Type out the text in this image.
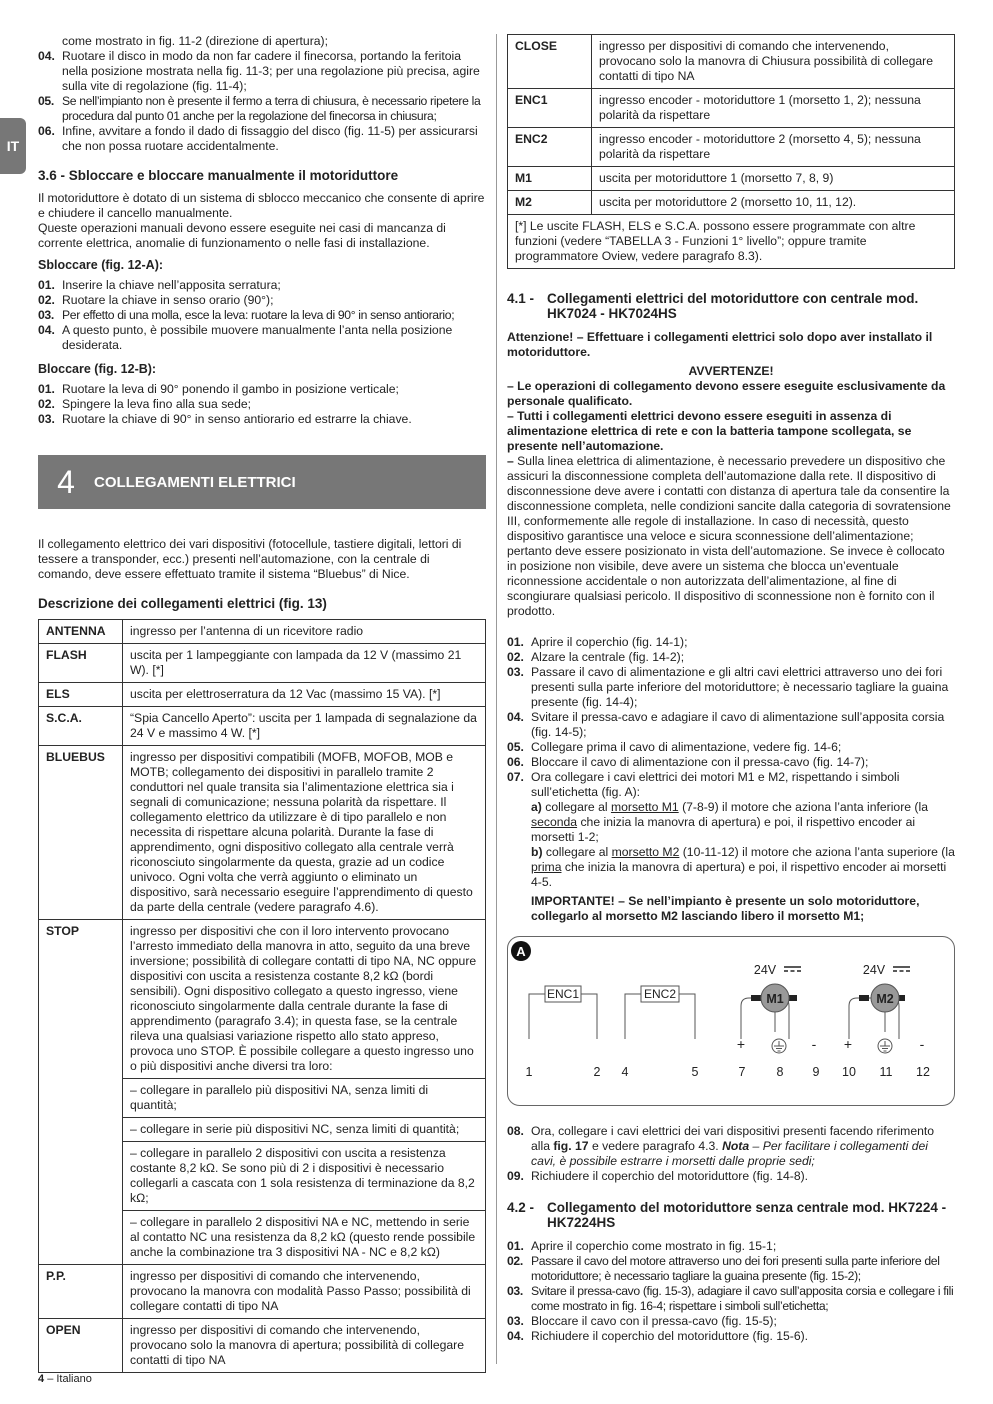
IT
come mostrato in fig. 11-2 (direzione di apertura);
04. Ruotare il disco in modo da non far cadere il finecorsa, portando la feritoia nella posizione mostrata nella fig. 11-3; per una regolazione più precisa, agire sulla vite di regolazione (fig. 11-4);
05. Se nell’impianto non è presente il fermo a terra di chiusura, è necessario ripetere la procedura dal punto 01 anche per la regolazione del finecorsa in chiusura;
06. Infine, avvitare a fondo il dado di fissaggio del disco (fig. 11-5) per assicurarsi che non possa ruotare accidentalmente.
3.6 - Sbloccare e bloccare manualmente il motoriduttore

Il motoriduttore è dotato di un sistema di sblocco meccanico che consente di aprire e chiudere il cancello manualmente.

Queste operazioni manuali devono essere eseguite nei casi di mancanza di corrente elettrica, anomalie di funzionamento o nelle fasi di installazione.

Sbloccare (fig. 12-A):
01. Inserire la chiave nell’apposita serratura;
02. Ruotare la chiave in senso orario (90°);
03. Per effetto di una molla, esce la leva: ruotare la leva di 90° in senso antiorario;
04. A questo punto, è possibile muovere manualmente l’anta nella posizione desiderata.
Bloccare (fig. 12-B):
01. Ruotare la leva di 90° ponendo il gambo in posizione verticale;
02. Spingere la leva fino alla sua sede;
03. Ruotare la chiave di 90° in senso antiorario ed estrarre la chiave.
4	COLLEGAMENTI ELETTRICI

Il collegamento elettrico dei vari dispositivi (fotocellule, tastiere digitali, lettori di tessere a transponder, ecc.) presenti nell’automazione, con la centrale di comando, deve essere effettuato tramite il sistema “Bluebus” di Nice.

Descrizione dei collegamenti elettrici (fig. 13)
ANTENNA	ingresso per l’antenna di un ricevitore radio
FLASH	uscita per 1 lampeggiante con lampada da 12 V (massimo 21 W). [*]
ELS	uscita per elettroserratura da 12 Vac (massimo 15 VA). [*]
S.C.A.	“Spia Cancello Aperto”: uscita per 1 lampada di segnalazione da 24 V e massimo 4 W. [*]
BLUEBUS	ingresso per dispositivi compatibili (MOFB, MOFOB, MOB e MOTB; collegamento dei dispositivi in parallelo tramite 2 conduttori nel quale transita sia l’alimentazione elettrica sia i segnali di comunicazione; nessuna polarità da rispettare. Il collegamento elettrico da utilizzare è di tipo parallelo e non necessita di rispettare alcuna polarità. Durante la fase di apprendimento, ogni dispositivo collegato alla centrale verrà riconosciuto singolarmente da questa, grazie ad un codice univoco. Ogni volta che verrà aggiunto o eliminato un dispositivo, sarà necessario eseguire l’apprendimento di questo da parte della centrale (vedere paragrafo 4.6).
STOP	ingresso per dispositivi che con il loro intervento provocano l’arresto immediato della manovra in atto, seguito da una breve inversione; possibilità di collegare contatti di tipo NA, NC oppure dispositivi con uscita a resistenza costante 8,2 kΩ (bordi sensibili). Ogni dispositivo collegato a questo ingresso, viene riconosciuto singolarmente dalla centrale durante la fase di apprendimento (paragrafo 3.4); in questa fase, se la centrale rileva una qualsiasi variazione rispetto allo stato appreso, provoca uno STOP. È possibile collegare a questo ingresso uno o più dispositivi anche diversi tra loro:
– collegare in parallelo più dispositivi NA, senza limiti di quantità;
– collegare in serie più dispositivi NC, senza limiti di quantità;
– collegare in parallelo 2 dispositivi con uscita a resistenza costante 8,2 kΩ. Se sono più di 2 i dispositivi è necessario collegarli a cascata con 1 sola resistenza di terminazione da 8,2 kΩ;
– collegare in parallelo 2 dispositivi NA e NC, mettendo in serie al contatto NC una resistenza da 8,2 kΩ (questo rende possibile anche la combinazione tra 3 dispositivi NA - NC e 8,2 kΩ)

P.P.	ingresso per dispositivi di comando che intervenendo, provocano la manovra con modalità Passo Passo; possibilità di collegare contatti di tipo NA
OPEN	ingresso per dispositivi di comando che intervenendo, provocano solo la manovra di apertura; possibilità di collegare contatti di tipo NA
CLOSE	ingresso per dispositivi di comando che intervenendo, provocano solo la manovra di Chiusura possibilità di collegare contatti di tipo NA
ENC1	ingresso encoder - motoriduttore 1 (morsetto 1, 2); nessuna polarità da rispettare
ENC2	ingresso encoder - motoriduttore 2 (morsetto 4, 5); nessuna polarità da rispettare
M1	uscita per motoriduttore 1 (morsetto 7, 8, 9)
M2	uscita per motoriduttore 2 (morsetto 10, 11, 12).
[*] Le uscite FLASH, ELS e S.C.A. possono essere programmate con altre funzioni (vedere “TABELLA 3 - Funzioni 1° livello”; oppure tramite programmatore Oview, vedere paragrafo 8.3).	
4.1 - Collegamenti elettrici del motoriduttore con centrale mod. HK7024 - HK7024HS

Attenzione! – Effettuare i collegamenti elettrici solo dopo aver installato il motoriduttore.

AVVERTENZE!

– Le operazioni di collegamento devono essere eseguite esclusivamente da personale qualificato.

– Tutti i collegamenti elettrici devono essere eseguiti in assenza di alimentazione elettrica di rete e con la batteria tampone scollegata, se presente nell’automazione.

– Sulla linea elettrica di alimentazione, è necessario prevedere un dispositivo che assicuri la disconnessione completa dell’automazione dalla rete. Il dispositivo di disconnessione deve avere i contatti con distanza di apertura tale da consentire la disconnessione completa, nelle condizioni sancite dalla categoria di sovratensione III, conformemente alle regole di installazione. In caso di necessità, questo dispositivo garantisce una veloce e sicura sconnessione dell’alimentazione; pertanto deve essere posizionato in vista dell’automazione. Se invece è collocato in posizione non visibile, deve avere un sistema che blocca un’eventuale riconnessione accidentale o non autorizzata dell’alimentazione, al fine di scongiurare qualsiasi pericolo. Il dispositivo di sconnessione non è fornito con il prodotto.

01. Aprire il coperchio (fig. 14-1);
02. Alzare la centrale (fig. 14-2);
03. Passare il cavo di alimentazione e gli altri cavi elettrici attraverso uno dei fori presenti sulla parte inferiore del motoriduttore; è necessario tagliare la guaina presente (fig. 14-4);
04. Svitare il pressa-cavo e adagiare il cavo di alimentazione sull’apposita corsia (fig. 14-5);
05. Collegare prima il cavo di alimentazione, vedere fig. 14-6;
06. Bloccare il cavo di alimentazione con il pressa-cavo (fig. 14-7);
07. Ora collegare i cavi elettrici dei motori M1 e M2, rispettando i simboli sull’etichetta (fig. A):
a) collegare al morsetto M1 (7-8-9) il motore che aziona l’anta inferiore (la seconda che inizia la manovra di apertura) e poi, il rispettivo encoder ai morsetti 1-2;
b) collegare al morsetto M2 (10-11-12) il motore che aziona l’anta superiore (la prima che inizia la manovra di apertura) e poi, il rispettivo encoder ai morsetti 4-5.
IMPORTANTE! – Se nell’impianto è presente un solo motoriduttore, collegarlo al morsetto M2 lasciando libero il morsetto M1;
A
ENC1	ENC2
24V
M1
+	-
24V
M2
+	-
1	2 4	5	7 8 9 10 11 12
08. Ora, collegare i cavi elettrici dei vari dispositivi presenti facendo riferimento alla fig. 17 e vedere paragrafo 4.3. Nota – Per facilitare i collegamenti dei cavi, è possibile estrarre i morsetti dalle proprie sedi;
09. Richiudere il coperchio del motoriduttore (fig. 14-8).
4.2 - Collegamento del motoriduttore senza centrale mod. HK7224 - HK7224HS
01. Aprire il coperchio come mostrato in fig. 15-1;
02. Passare il cavo del motore attraverso uno dei fori presenti sulla parte inferiore del motoriduttore; è necessario tagliare la guaina presente (fig. 15-2);
03. Svitare il pressa-cavo (fig. 15-3), adagiare il cavo sull’apposita corsia e collegare i fili come mostrato in fig. 16-4; rispettare i simboli sull’etichetta;
03. Bloccare il cavo con il pressa-cavo (fig. 15-5);
04. Richiudere il coperchio del motoriduttore (fig. 15-6).
4 – Italiano
